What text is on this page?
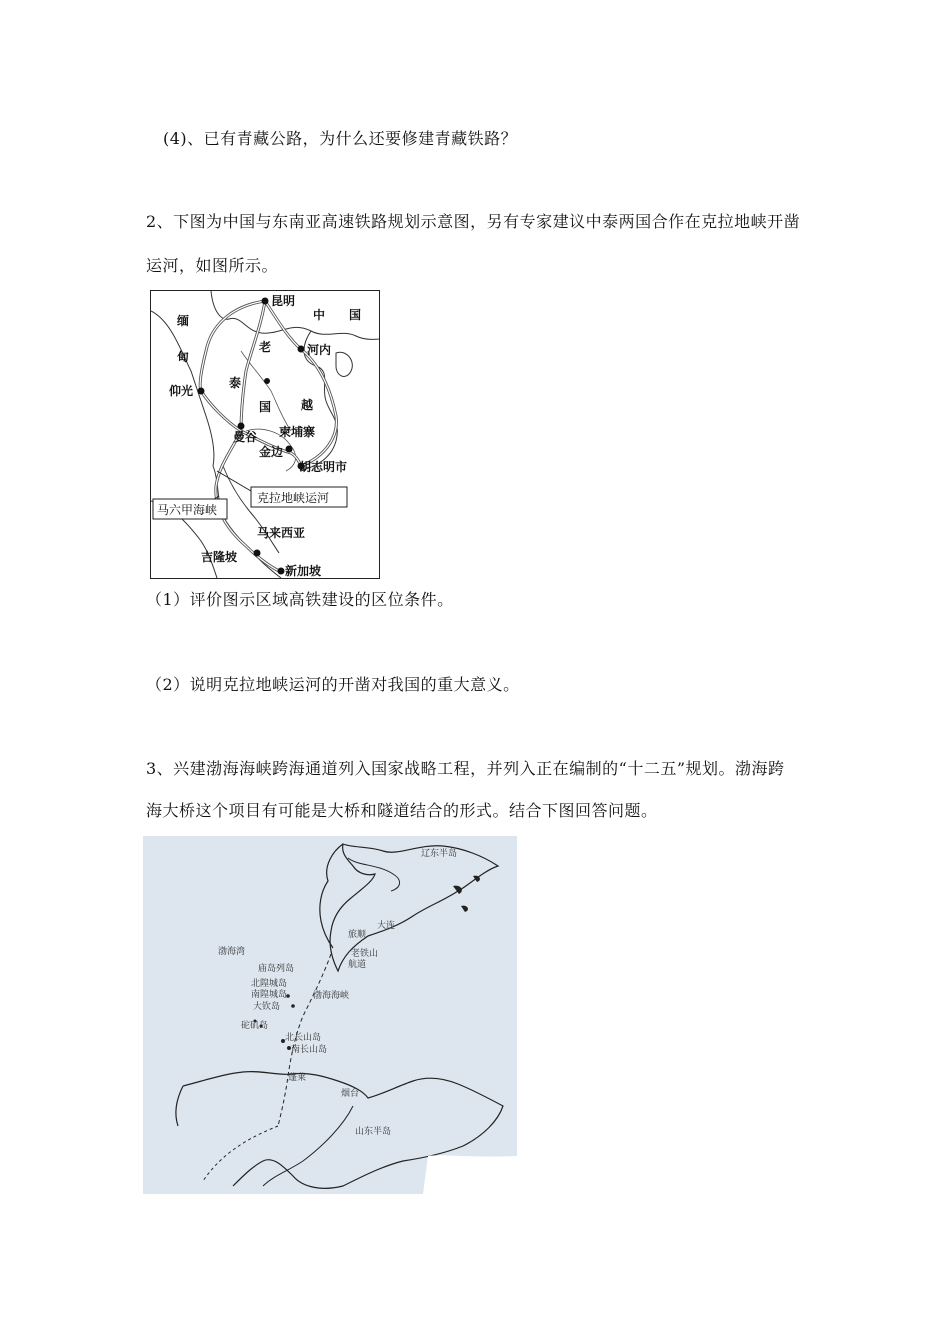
(4)、已有青藏公路，为什么还要修建青藏铁路？
2、下图为中国与东南亚高速铁路规划示意图，另有专家建议中泰两国合作在克拉地峡开凿
运河，如图所示。
昆明
中 国
缅
甸
老	河内
泰
国
仰光
越
曼谷 柬埔寨
金边
胡志明市
马来西亚
吉隆坡
新加坡
克拉地峡运河
马六甲海峡
（1）评价图示区域高铁建设的区位条件。
（2）说明克拉地峡运河的开凿对我国的重大意义。
3、兴建渤海海峡跨海通道列入国家战略工程，并列入正在编制的“十二五”规划。渤海跨
海大桥这个项目有可能是大桥和隧道结合的形式。结合下图回答问题。
辽东半岛
大连
旅顺
老铁山
航道
渤海湾
庙岛列岛
北隍城岛
南隍城岛	渤海海峡
大钦岛
砣矶岛
北长山岛
南长山岛
蓬莱
烟台
山东半岛
